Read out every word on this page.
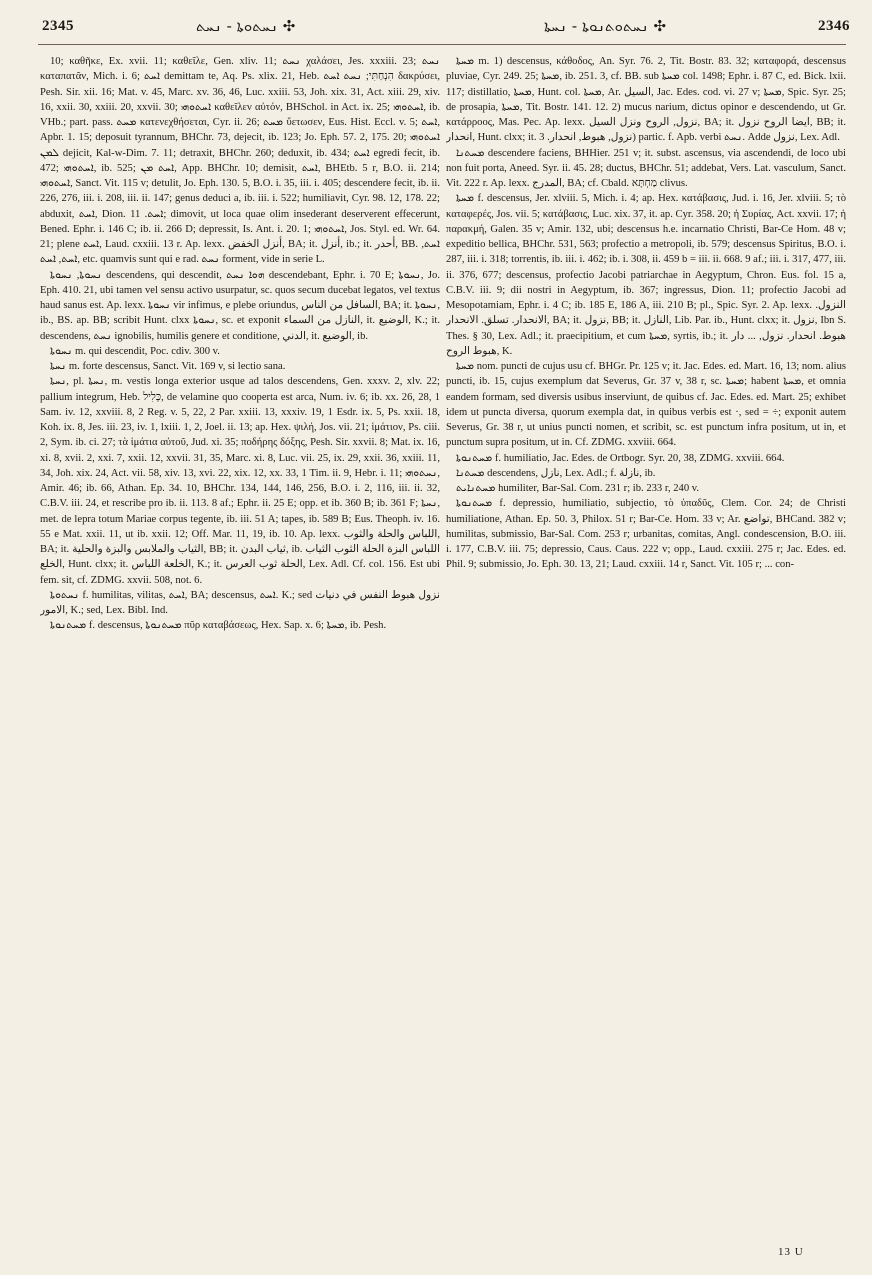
2345	✣ ܢܚܬܘܬܐ - ܢܚܬ	✣ ܢܚܬܘܬܢܘܬܐ - ܢܚܬܐ	2346

10; καθῆκε, Ex. xvii. 11; καθεῖλε, Gen. xliv. 11; ܢܚܬ χαλάσει, Jes. xxxiii. 23; ܢܚܬ καταπατᾶν, Mich. i. 6; ܐܚܬ demittam te, Aq. Ps. xlix. 21, Heb. הִנְחַתִּי; ܢܚܬ ܐܚܬ δακρύσει, Pesh. Sir. xii. 16; Mat. v. 45, Marc. xv. 36, 46, Luc. xxiii. 53, Joh. xix. 31, Act. xiii. 29, xiv. 16, xxii. 30, xxiii. 20, xxvii. 30; ܐܚܬܘܗܝ καθεῖλεν αὐτόν, BHSchol. in Act. ix. 25; ܐܚܬܘܗܝ, ib. VHb.; part. pass. ܡܚܬ κατενεχθήσεται, Cyr. ii. 26; ܡܚܬ ὕετωσεν, Eus. Hist. Eccl. v. 5; ܐܚܬ, Apbr. 1. 15; deposuit tyrannum, BHChr. 73, dejecit, ib. 123; Jo. Eph. 57. 2, 175. 20; ܐܚܬܘܗܝ ܠܡܢ dejicit, Kal-w-Dim. 7. 11; detraxit, BHChr. 260; deduxit, ib. 434; ܐܚܬ egredi fecit, ib. 472; ܐܚܬܘܗܝ, ib. 525; ܐܚܬ ܡܢ, App. BHChr. 10; demisit, ܐܚܬ, BHEtb. 5 r, B.O. ii. 214; ܐܚܬܘܗܝ, Sanct. Vit. 115 v; detulit, Jo. Eph. 130. 5, B.O. i. 35, iii. i. 405; descendere fecit, ib. ii. 226, 276, iii. i. 208, iii. ii. 147; genus deduci a, ib. iii. i. 522; humiliavit, Cyr. 98. 12, 178. 22; abduxit, ܐܚܬ, Dion. ܐܚܬ. 11; dimovit, ut loca quae olim insederant deserverent effecerunt, Bened. Ephr. i. 146 C; ib. ii. 266 D; depressit, Is. Ant. i. 20. 1; ܐܚܬܘܗܝ, Jos. Styl. ed. Wr. 64. 21; plene ܐܚܬ, Laud. cxxiii. 13 r. Ap. lexx. أنزل الخفض, BA; it. أنزل, ib.; it. أحدر, BB. ܐܚܬ, ܐܚܬ, ܐܚܬ, etc. quamvis sunt qui e rad. ܢܚܬ forment, vide in serie L.

ܢܚܘܬܐ, ܢܚܘܬܐ descendens, qui descendit, ܗܘܐ ܢܚܬ descendebant, Ephr. i. 70 E; ܢܚܘܬܐ, Jo. Eph. 410. 21, ubi tamen vel sensu activo usurpatur, sc. quos secum ducebat legatos, vel textus haud sanus est. Ap. lexx. ܢܚܘܬܐ vir infimus, e plebe oriundus, السافل من الناس, BA; it. ܢܚܘܬܐ, ib., BS. ap. BB; scribit Hunt. clxx ܢܚܘܬܐ, sc. et exponit النازل من السماء, it. الوضيع, K.; it. descendens, ܢܚܬ ignobilis, humilis genere et conditione, الدني, it. الوضيع, ib.

ܢܚܘܬܐ m. qui descendit, Poc. cdiv. 300 v.

ܢܚܬܐ m. forte descensus, Sanct. Vit. 169 v, si lectio sana.

ܢܚܬܐ, pl. ܢܚܬܐ, m. vestis longa exterior usque ad talos descendens, Gen. xxxv. 2, xlv. 22; pallium integrum, Heb. כְּלִיל, de velamine quo cooperta est arca, Num. iv. 6; ib. xx. 26, 28, 1 Sam. iv. 12, xxviii. 8, 2 Reg. v. 5, 22, 2 Par. xxiii. 13, xxxiv. 19, 1 Esdr. ix. 5, Ps. xxii. 18, Koh. ix. 8, Jes. iii. 23, iv. 1, lxiii. 1, 2, Joel. ii. 13; ap. Hex. ψιλή, Jos. vii. 21; ἱμάτιον, Ps. ciii. 2, Sym. ib. ci. 27; τὰ ἱμάτια αὐτοῦ, Jud. xi. 35; ποδήρης δόξης, Pesh. Sir. xxvii. 8; Mat. ix. 16, xi. 8, xvii. 2, xxi. 7, xxii. 12, xxvii. 31, 35, Marc. xi. 8, Luc. vii. 25, ix. 29, xxii. 36, xxiii. 11, 34, Joh. xix. 24, Act. vii. 58, xiv. 13, xvi. 22, xix. 12, xx. 33, 1 Tim. ii. 9, Hebr. i. 11; ܢܚܬܘܗܝ, Amir. 46; ib. 66, Athan. Ep. 34. 10, BHChr. 134, 144, 146, 256, B.O. i. 2, 116, iii. ii. 32, C.B.V. iii. 24, et rescribe pro ib. ii. 113. 8 af.; Ephr. ii. 25 E; opp. et ib. 360 B; ib. 361 F; ܢܚܬܐ, met. de lepra totum Mariae corpus tegente, ib. iii. 51 A; tapes, ib. 589 B; Eus. Theoph. iv. 16. 55 e Mat. xxii. 11, ut ib. xxii. 12; Off. Mar. 11, 19, ib. 10. Ap. lexx. اللباس والحلة والثوب, BA; it. الثياب والملابس والبزة والحلية, BB; it. ثياب البدن, ib. اللباس البزة الحلة الثوب الثياب الخلع, Hunt. clxx; it. الخلعة اللباس, K.; it. الحلة ثوب العرس, Lex. Adl. Cf. col. 156. Est ubi fem. sit, cf. ZDMG. xxvii. 508, not. 6.

ܢܚܬܘܬܐ f. humilitas, vilitas, ܐܚܬ, BA; descensus, ܐܚܬ. K.; sed نزول هبوط النفس في دنيات الامور, K.; sed, Lex. Bibl. Ind.

ܡܚܬܢܘܬܐ f. descensus, ܡܚܬܢܘܬܐ πῦρ καταβάσεως, Hex. Sap. x. 6; ܡܚܬܐ, ib. Pesh.

ܡܚܬܐ m. 1) descensus, κάθοδος, An. Syr. 76. 2, Tit. Bostr. 83. 32; καταφορά, descensus pluviae, Cyr. 249. 25; ܡܚܬܐ, ib. 251. 3, cf. BB. sub ܡܚܬܐ col. 1498; Ephr. i. 87 C, ed. Bick. lxii. 117; distillatio, ܡܚܬܐ, Hunt. col. ܡܚܬܐ, Ar. السيل, Jac. Edes. cod. vi. 27 v; ܡܚܬܐ, Spic. Syr. 25; de prosapia, ܡܚܬܐ, Tit. Bostr. 141. 12. 2) mucus narium, dictus opinor e descendendo, ut Gr. κατάρροος, Mas. Pec. Ap. lexx. نزول, الروح ونزل السيل, BA; it. ايضا الروح نزول, BB; it. انحدار, Hunt. clxx; it. نزول, هبوط, انحدار. 3) partic. f. Apb. verbi ܢܚܬ. Adde نزول, Lex. Adl.

ܡܚܬܢܐ descendere faciens, BHHier. 251 v; it. subst. ascensus, via ascendendi, de loco ubi non fuit porta, Aneed. Syr. ii. 45. 28; ductus, BHChr. 51; addebat, Vers. Lat. vasculum, Sanct. Vit. 222 r. Ap. lexx. المدرج, BA; cf. Cbald. מַחְתָּא clivus.

ܡܚܬܐ f. descensus, Jer. xlviii. 5, Mich. i. 4; ap. Hex. κατάβασις, Jud. i. 16, Jer. xlviii. 5; τὸ καταφερές, Jos. vii. 5; κατάβασις, Luc. xix. 37, it. ap. Cyr. 358. 20; ἡ Συρίας, Act. xxvii. 17; ἡ παρακμή, Galen. 35 v; Amir. 132, ubi; descensus h.e. incarnatio Christi, Bar-Ce Hom. 48 v; expeditio bellica, BHChr. 531, 563; profectio a metropoli, ib. 579; descensus Spiritus, B.O. i. 287, iii. i. 318; torrentis, ib. iii. i. 462; ib. i. 308, ii. 459 b = iii. ii. 668. 9 af.; iii. i. 317, 477, iii. ii. 376, 677; descensus, profectio Jacobi patriarchae in Aegyptum, Chron. Eus. fol. 15 a, C.B.V. iii. 9; dii nostri in Aegyptum, ib. 367; ingressus, Dion. 11; profectio Jacobi ad Mesopotamiam, Ephr. i. 4 C; ib. 185 E, 186 A, iii. 210 B; pl., Spic. Syr. 2. Ap. lexx. النزول. الانحدار. تسلق. الانحدار, BA; it. نزول, BB; it. النازل, Lib. Par. ib., Hunt. clxx; it. نزول, Ibn S. Thes. § 30, Lex. Adl.; it. praecipitium, et cum ܡܚܬܐ, syrtis, ib.; it. هبوط. انحدار. نزول, ... دار هبوط الروح, K.

ܡܚܬܐ nom. puncti de cujus usu cf. BHGr. Pr. 125 v; it. Jac. Edes. ed. Mart. 16, 13; nom. alius puncti, ib. 15, cujus exemplum dat Severus, Gr. 37 v, 38 r, sc. ܡܚܬܐ; habent ܡܚܬܐ, et omnia eandem formam, sed diversis usibus inserviunt, de quibus cf. Jac. Edes. ed. Mart. 25; exhibet idem ut puncta diversa, quorum exempla dat, in quibus verbis est ·, sed = ÷; exponit autem Severus, Gr. 38 r, ut unius puncti nomen, et scribit, sc. est punctum infra positum, ut in, et punctum supra positum, ut in. Cf. ZDMG. xxviii. 664.

ܡܚܬܢܘܬܐ f. humiliatio, Jac. Edes. de Ortbogr. Syr. 20, 38, ZDMG. xxviii. 664.

ܡܚܬܢܐ descendens, نازل, Lex. Adl.; f. نازلة, ib.

ܡܚܬܢܐܝܬ humiliter, Bar-Sal. Com. 231 r; ib. 233 r, 240 v.

ܡܚܬܢܘܬܐ f. depressio, humiliatio, subjectio, τὸ ὑπαδῦς, Clem. Cor. 24; de Christi humiliatione, Athan. Ep. 50. 3, Philox. 51 r; Bar-Ce. Hom. 33 v; Ar. تواضع, BHCand. 382 v; humilitas, submissio, Bar-Sal. Com. 253 r; urbanitas, comitas, Angl. condescension, B.O. iii. i. 177, C.B.V. iii. 75; depressio, Caus. Caus. 222 v; opp., Laud. cxxiii. 275 r; Jac. Edes. ed. Phil. 9; submissio, Jo. Eph. 30. 13, 21; Laud. cxxiii. 14 r, Sanct. Vit. 105 r; ... con-

13 U
